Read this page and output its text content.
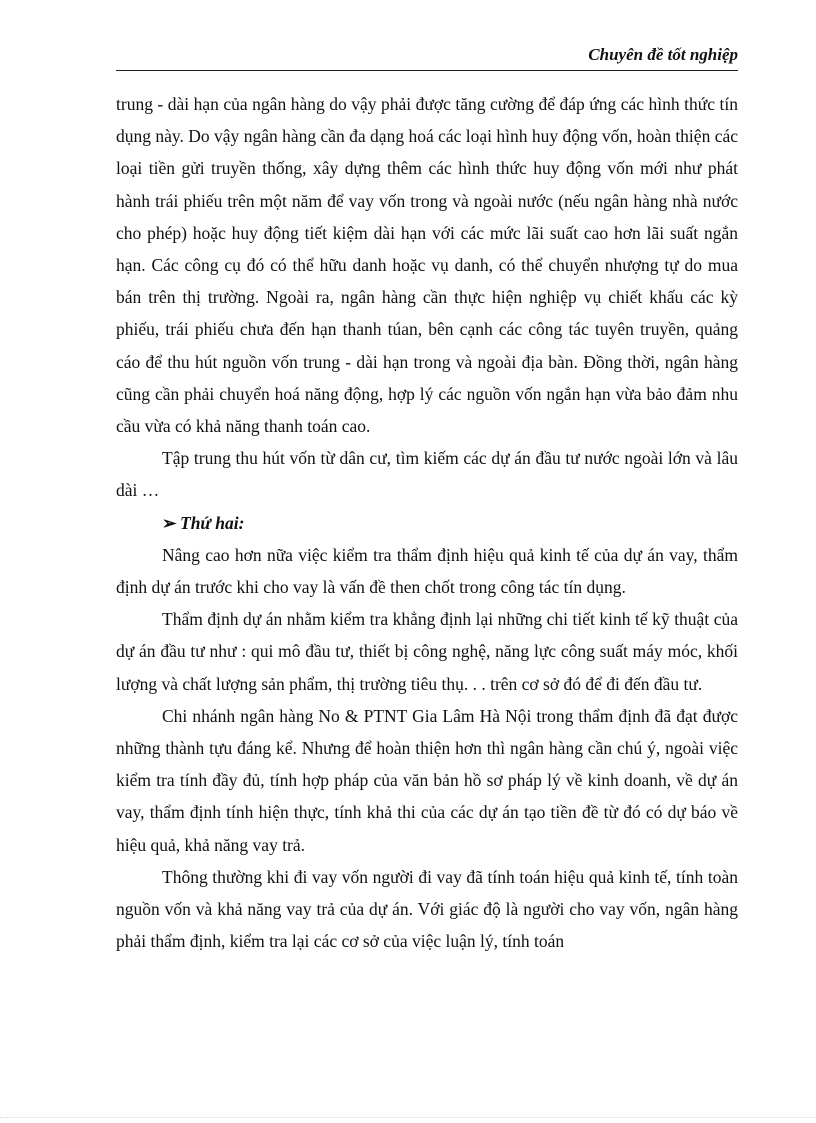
Chuyên đề tốt nghiệp

trung - dài hạn của ngân hàng do vậy phải được tăng cường để đáp ứng các hình thức tín dụng này. Do vậy ngân hàng cần đa dạng hoá các loại hình huy động vốn, hoàn thiện các loại tiền gửi truyền thống, xây dựng thêm các hình thức huy động vốn mới như phát hành trái phiếu trên một năm để vay vốn trong và ngoài nước (nếu ngân hàng nhà nước cho phép) hoặc huy động tiết kiệm dài hạn với các mức lãi suất cao hơn lãi suất ngắn hạn. Các công cụ đó có thể hữu danh hoặc vụ danh, có thể chuyển nhượng tự do mua bán trên thị trường. Ngoài ra, ngân hàng cần thực hiện nghiệp vụ chiết khấu các kỳ phiếu, trái phiếu chưa đến hạn thanh túan, bên cạnh các công tác tuyên truyền, quảng cáo để thu hút nguồn vốn trung - dài hạn trong và ngoài địa bàn. Đồng thời, ngân hàng cũng cần phải chuyển hoá năng động, hợp lý các nguồn vốn ngắn hạn vừa bảo đảm nhu cầu vừa có khả năng thanh toán cao.

Tập trung thu hút vốn từ dân cư, tìm kiếm các dự án đầu tư nước ngoài lớn và lâu dài …

➢ Thứ hai:

Nâng cao hơn nữa việc kiểm tra thẩm định hiệu quả kinh tế của dự án vay, thẩm định dự án trước khi cho vay là vấn đề then chốt trong công tác tín dụng.

Thẩm định dự án nhằm kiểm tra khẳng định lại những chi tiết kinh tế kỹ thuật của dự án đầu tư như : qui mô đầu tư, thiết bị công nghệ, năng lực công suất máy móc, khối lượng và chất lượng sản phẩm, thị trường tiêu thụ. . . trên cơ sở đó để đi đến đầu tư.

Chi nhánh ngân hàng No & PTNT Gia Lâm Hà Nội trong thẩm định đã đạt được những thành tựu đáng kể. Nhưng để hoàn thiện hơn thì ngân hàng cần chú ý, ngoài việc kiểm tra tính đầy đủ, tính hợp pháp của văn bản hồ sơ pháp lý về kinh doanh, về dự án vay, thẩm định tính hiện thực, tính khả thi của các dự án tạo tiền đề từ đó có dự báo về hiệu quả, khả năng vay trả.

Thông thường khi đi vay vốn người đi vay đã tính toán hiệu quả kinh tế, tính toàn nguồn vốn và khả năng vay trả của dự án. Với giác độ là người cho vay vốn, ngân hàng phải thẩm định, kiểm tra lại các cơ sở của việc luận lý, tính toán
